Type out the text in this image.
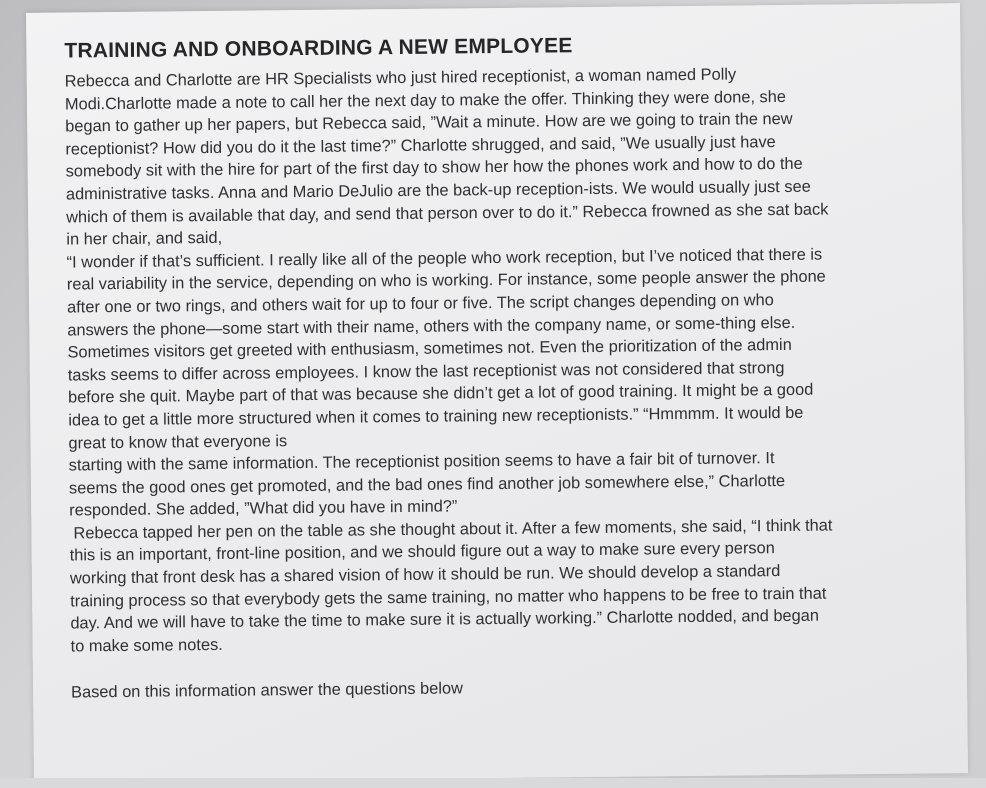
TRAINING AND ONBOARDING A NEW EMPLOYEE
Rebecca and Charlotte are HR Specialists who just hired receptionist, a woman named Polly
Modi.Charlotte made a note to call her the next day to make the offer. Thinking they were done, she
began to gather up her papers, but Rebecca said, ”Wait a minute. How are we going to train the new
receptionist? How did you do it the last time?” Charlotte shrugged, and said, ”We usually just have
somebody sit with the hire for part of the first day to show her how the phones work and how to do the
administrative tasks. Anna and Mario DeJulio are the back-up reception-ists. We would usually just see
which of them is available that day, and send that person over to do it.” Rebecca frowned as she sat back
in her chair, and said,
“I wonder if that’s sufficient. I really like all of the people who work reception, but I’ve noticed that there is
real variability in the service, depending on who is working. For instance, some people answer the phone
after one or two rings, and others wait for up to four or five. The script changes depending on who
answers the phone—some start with their name, others with the company name, or some-thing else.
Sometimes visitors get greeted with enthusiasm, sometimes not. Even the prioritization of the admin
tasks seems to differ across employees. I know the last receptionist was not considered that strong
before she quit. Maybe part of that was because she didn’t get a lot of good training. It might be a good
idea to get a little more structured when it comes to training new receptionists.” “Hmmmm. It would be
great to know that everyone is
starting with the same information. The receptionist position seems to have a fair bit of turnover. It
seems the good ones get promoted, and the bad ones find another job somewhere else,” Charlotte
responded. She added, ”What did you have in mind?”
Rebecca tapped her pen on the table as she thought about it. After a few moments, she said, “I think that
this is an important, front-line position, and we should figure out a way to make sure every person
working that front desk has a shared vision of how it should be run. We should develop a standard
training process so that everybody gets the same training, no matter who happens to be free to train that
day. And we will have to take the time to make sure it is actually working.” Charlotte nodded, and began
to make some notes.
Based on this information answer the questions below
